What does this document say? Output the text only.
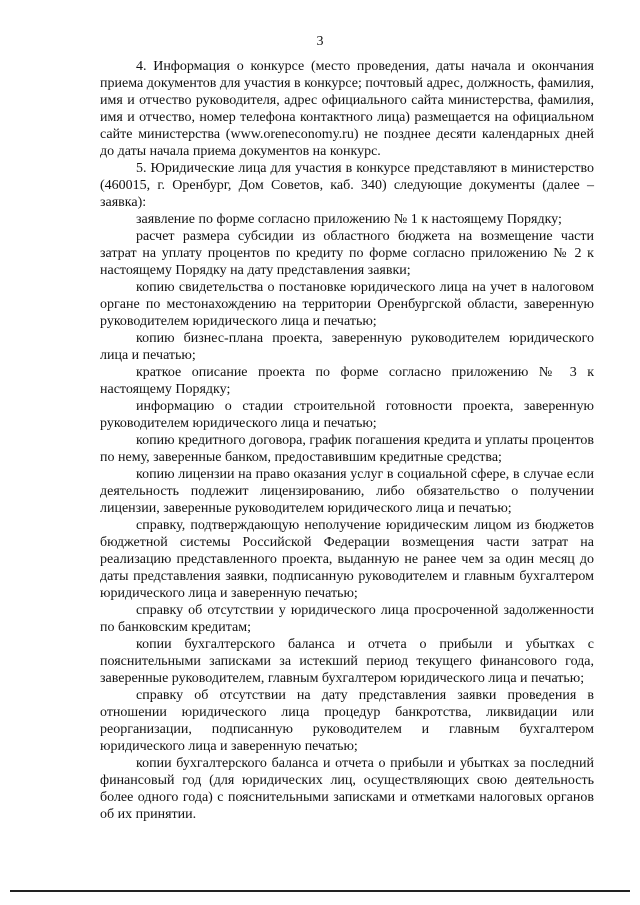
3

4. Информация о конкурсе (место проведения, даты начала и окончания приема документов для участия в конкурсе; почтовый адрес, должность, фамилия, имя и отчество руководителя, адрес официального сайта министерства, фамилия, имя и отчество, номер телефона контактного лица) размещается на официальном сайте министерства (www.oreneconomy.ru) не позднее десяти календарных дней до даты начала приема документов на конкурс.

5. Юридические лица для участия в конкурсе представляют в министерство (460015, г. Оренбург, Дом Советов, каб. 340) следующие документы (далее – заявка):

заявление по форме согласно приложению № 1 к настоящему Порядку;

расчет размера субсидии из областного бюджета на возмещение части затрат на уплату процентов по кредиту по форме согласно приложению № 2 к настоящему Порядку на дату представления заявки;

копию свидетельства о постановке юридического лица на учет в налоговом органе по местонахождению на территории Оренбургской области, заверенную руководителем юридического лица и печатью;

копию бизнес-плана проекта, заверенную руководителем юридического лица и печатью;

краткое описание проекта по форме согласно приложению № 3 к настоящему Порядку;

информацию о стадии строительной готовности проекта, заверенную руководителем юридического лица и печатью;

копию кредитного договора, график погашения кредита и уплаты процентов по нему, заверенные банком, предоставившим кредитные средства;

копию лицензии на право оказания услуг в социальной сфере, в случае если деятельность подлежит лицензированию, либо обязательство о получении лицензии, заверенные руководителем юридического лица и печатью;

справку, подтверждающую неполучение юридическим лицом из бюджетов бюджетной системы Российской Федерации возмещения части затрат на реализацию представленного проекта, выданную не ранее чем за один месяц до даты представления заявки, подписанную руководителем и главным бухгалтером юридического лица и заверенную печатью;

справку об отсутствии у юридического лица просроченной задолженности по банковским кредитам;

копии бухгалтерского баланса и отчета о прибыли и убытках с пояснительными записками за истекший период текущего финансового года, заверенные руководителем, главным бухгалтером юридического лица и печатью;

справку об отсутствии на дату представления заявки проведения в отношении юридического лица процедур банкротства, ликвидации или реорганизации, подписанную руководителем и главным бухгалтером юридического лица и заверенную печатью;

копии бухгалтерского баланса и отчета о прибыли и убытках за последний финансовый год (для юридических лиц, осуществляющих свою деятельность более одного года) с пояснительными записками и отметками налоговых органов об их принятии.
